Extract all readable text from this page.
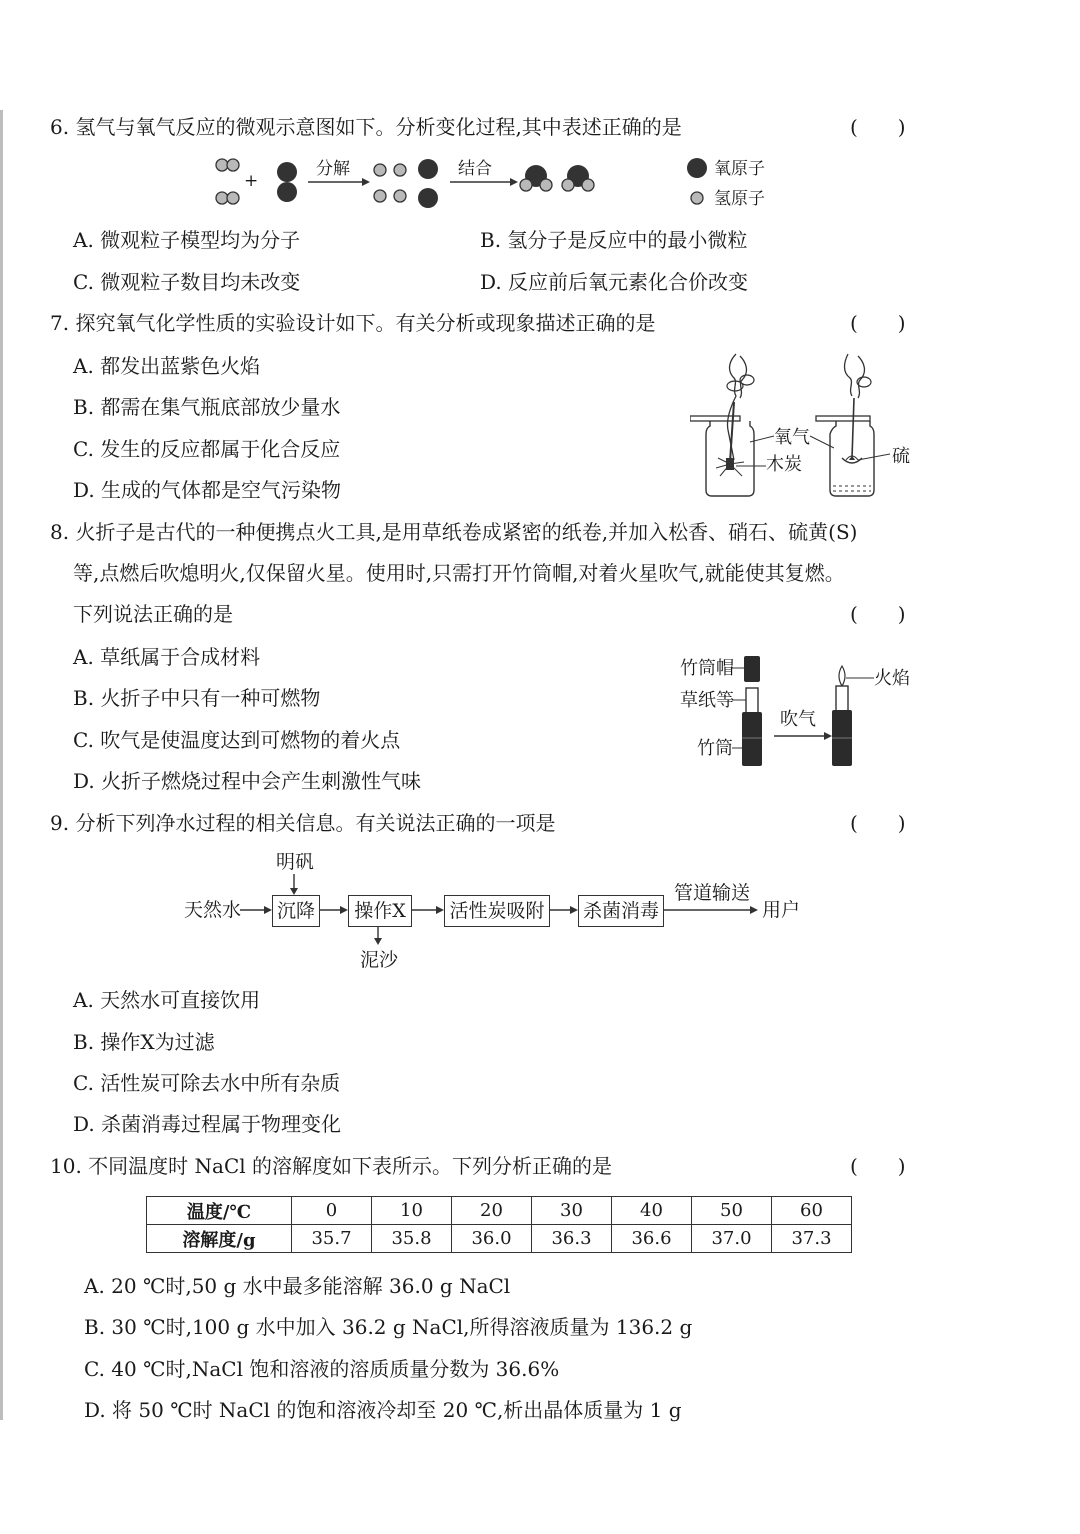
6. 氢气与氧气反应的微观示意图如下。分析变化过程,其中表述正确的是	(　　)
+
分解	结合	氧原子
氢原子
A. 微观粒子模型均为分子	B. 氢分子是反应中的最小微粒
C. 微观粒子数目均未改变	D. 反应前后氧元素化合价改变
7. 探究氧气化学性质的实验设计如下。有关分析或现象描述正确的是	(　　)
A. 都发出蓝紫色火焰
B. 都需在集气瓶底部放少量水
C. 发生的反应都属于化合反应
D. 生成的气体都是空气污染物
氧气
木炭	硫
8. 火折子是古代的一种便携点火工具,是用草纸卷成紧密的纸卷,并加入松香、硝石、硫黄(S)
等,点燃后吹熄明火,仅保留火星。使用时,只需打开竹筒帽,对着火星吹气,就能使其复燃。
下列说法正确的是	(　　)
A. 草纸属于合成材料
B. 火折子中只有一种可燃物
C. 吹气是使温度达到可燃物的着火点
D. 火折子燃烧过程中会产生刺激性气味
竹筒帽
草纸等
竹筒
吹气
火焰
9. 分析下列净水过程的相关信息。有关说法正确的一项是	(　　)
天然水
明矾
沉降	操作X
泥沙
活性炭吸附 杀菌消毒
管道输送
用户
A. 天然水可直接饮用
B. 操作X为过滤
C. 活性炭可除去水中所有杂质
D. 杀菌消毒过程属于物理变化
10. 不同温度时 NaCl 的溶解度如下表所示。下列分析正确的是	(　　)
温度/℃	0	10	20	30	40	50	60
溶解度/g	35.7	35.8	36.0	36.3	36.6	37.0	37.3
A. 20 ℃时,50 g 水中最多能溶解 36.0 g NaCl
B. 30 ℃时,100 g 水中加入 36.2 g NaCl,所得溶液质量为 136.2 g
C. 40 ℃时,NaCl 饱和溶液的溶质质量分数为 36.6%
D. 将 50 ℃时 NaCl 的饱和溶液冷却至 20 ℃,析出晶体质量为 1 g
